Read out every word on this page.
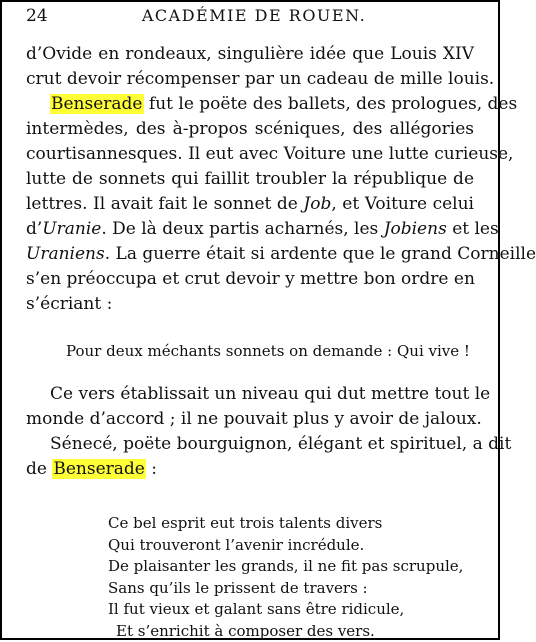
24	ACADÉMIE DE ROUEN.
d’Ovide en rondeaux, singulière idée que Louis XIV
crut devoir récompenser par un cadeau de mille louis.
Benserade fut le poëte des ballets, des prologues, des
intermèdes, des à-propos scéniques, des allégories
courtisannesques. Il eut avec Voiture une lutte curieuse,
lutte de sonnets qui faillit troubler la république de
lettres. Il avait fait le sonnet de Job, et Voiture celui
d’Uranie. De là deux partis acharnés, les Jobiens et les
Uraniens. La guerre était si ardente que le grand Corneille
s’en préoccupa et crut devoir y mettre bon ordre en
s’écriant :
Pour deux méchants sonnets on demande : Qui vive !
Ce vers établissait un niveau qui dut mettre tout le
monde d’accord ; il ne pouvait plus y avoir de jaloux.
Sénecé, poëte bourguignon, élégant et spirituel, a dit
de Benserade :
Ce bel esprit eut trois talents divers
Qui trouveront l’avenir incrédule.
De plaisanter les grands, il ne fit pas scrupule,
Sans qu’ils le prissent de travers :
Il fut vieux et galant sans être ridicule,
Et s’enrichit à composer des vers.
